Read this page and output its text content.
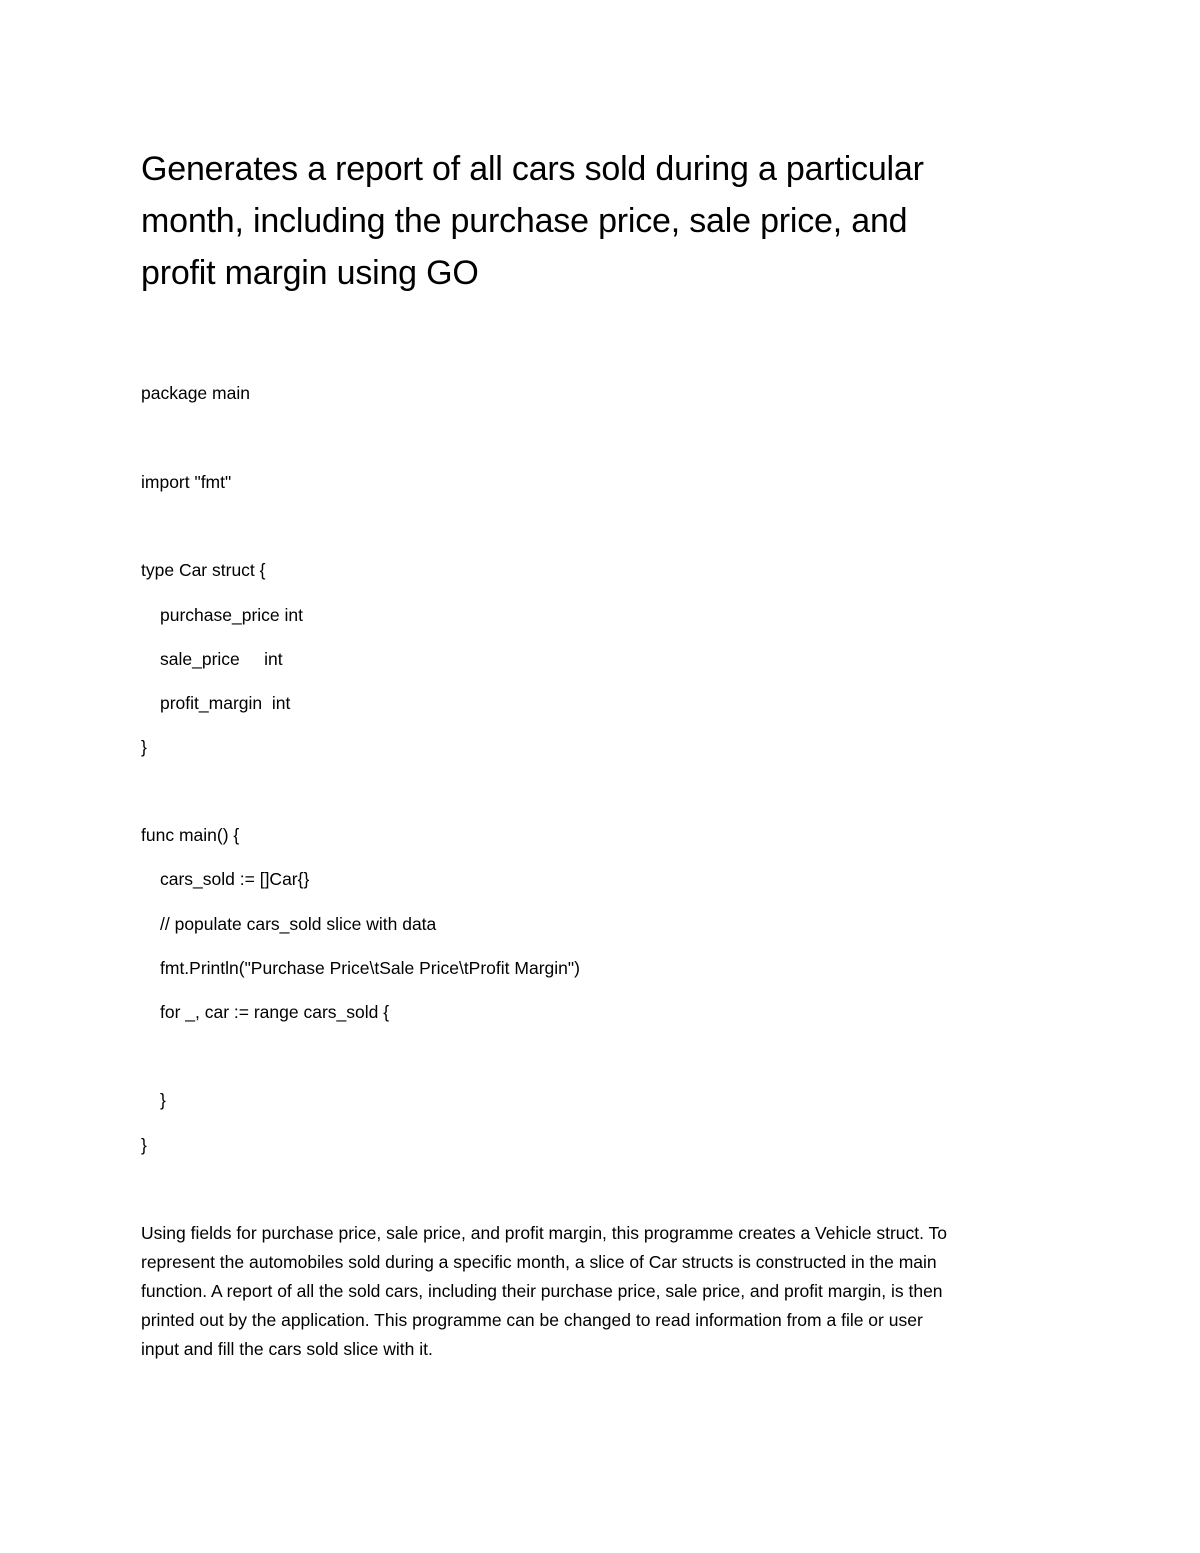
Generates a report of all cars sold during a particular
month, including the purchase price, sale price, and
profit margin using GO

package main

import "fmt"

type Car struct {

purchase_price int

sale_price     int

profit_margin  int

}

func main() {

cars_sold := []Car{}

// populate cars_sold slice with data

fmt.Println("Purchase Price\tSale Price\tProfit Margin")

for _, car := range cars_sold {

}

}

Using fields for purchase price, sale price, and profit margin, this programme creates a Vehicle struct. To
represent the automobiles sold during a specific month, a slice of Car structs is constructed in the main
function. A report of all the sold cars, including their purchase price, sale price, and profit margin, is then
printed out by the application. This programme can be changed to read information from a file or user
input and fill the cars sold slice with it.
